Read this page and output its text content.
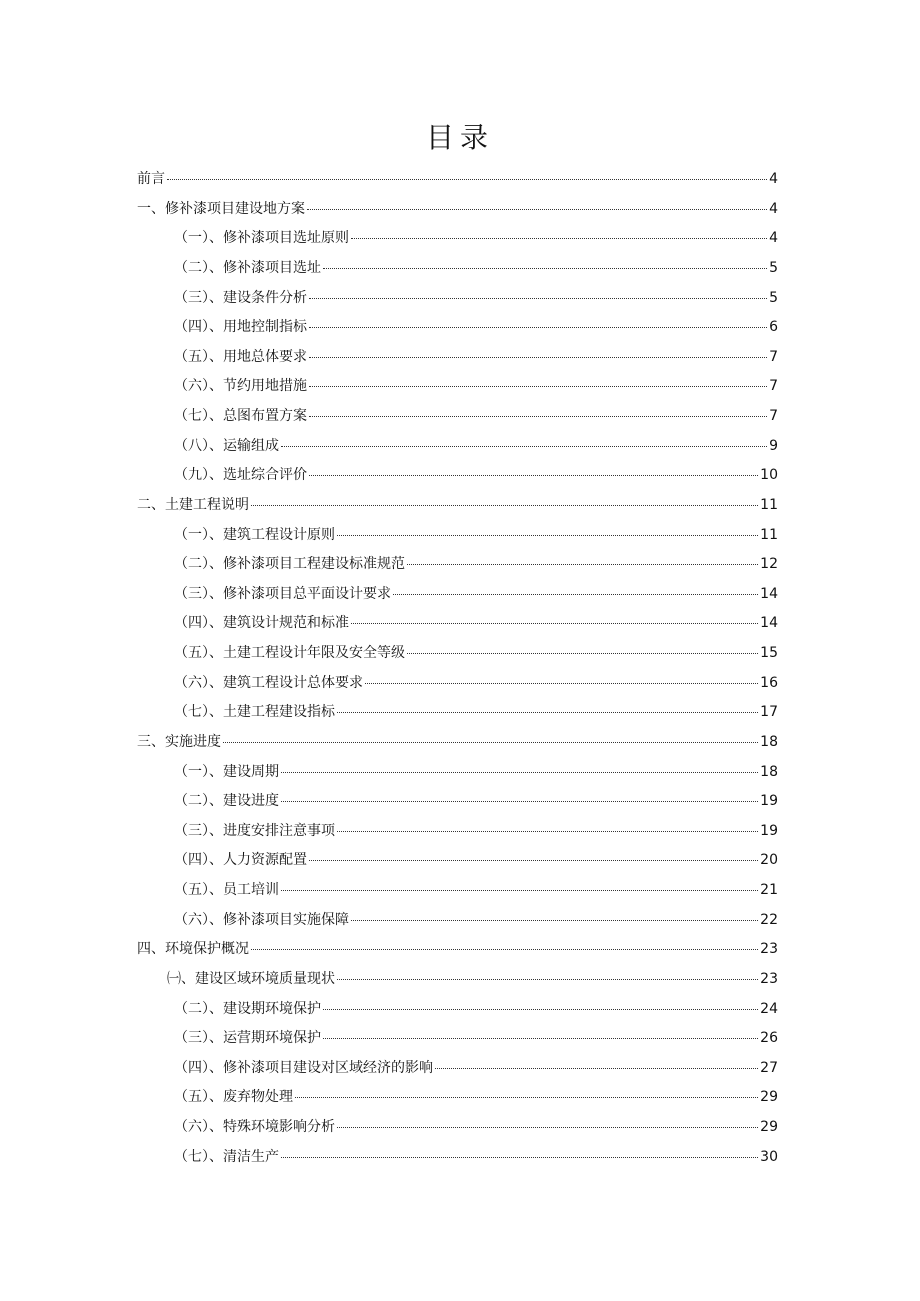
目录
前言	4
一、修补漆项目建设地方案	4
（一）、修补漆项目选址原则	4
（二）、修补漆项目选址	5
（三）、建设条件分析	5
（四）、用地控制指标	6
（五）、用地总体要求	7
（六）、节约用地措施	7
（七）、总图布置方案	7
（八）、运输组成	9
（九）、选址综合评价	10
二、土建工程说明	11
（一）、建筑工程设计原则	11
（二）、修补漆项目工程建设标准规范	12
（三）、修补漆项目总平面设计要求	14
（四）、建筑设计规范和标准	14
（五）、土建工程设计年限及安全等级	15
（六）、建筑工程设计总体要求	16
（七）、土建工程建设指标	17
三、实施进度	18
（一）、建设周期	18
（二）、建设进度	19
（三）、进度安排注意事项	19
（四）、人力资源配置	20
（五）、员工培训	21
（六）、修补漆项目实施保障	22
四、环境保护概况	23
㈠、建设区域环境质量现状	23
（二）、建设期环境保护	24
（三）、运营期环境保护	26
（四）、修补漆项目建设对区域经济的影响	27
（五）、废弃物处理	29
（六）、特殊环境影响分析	29
（七）、清洁生产	30
